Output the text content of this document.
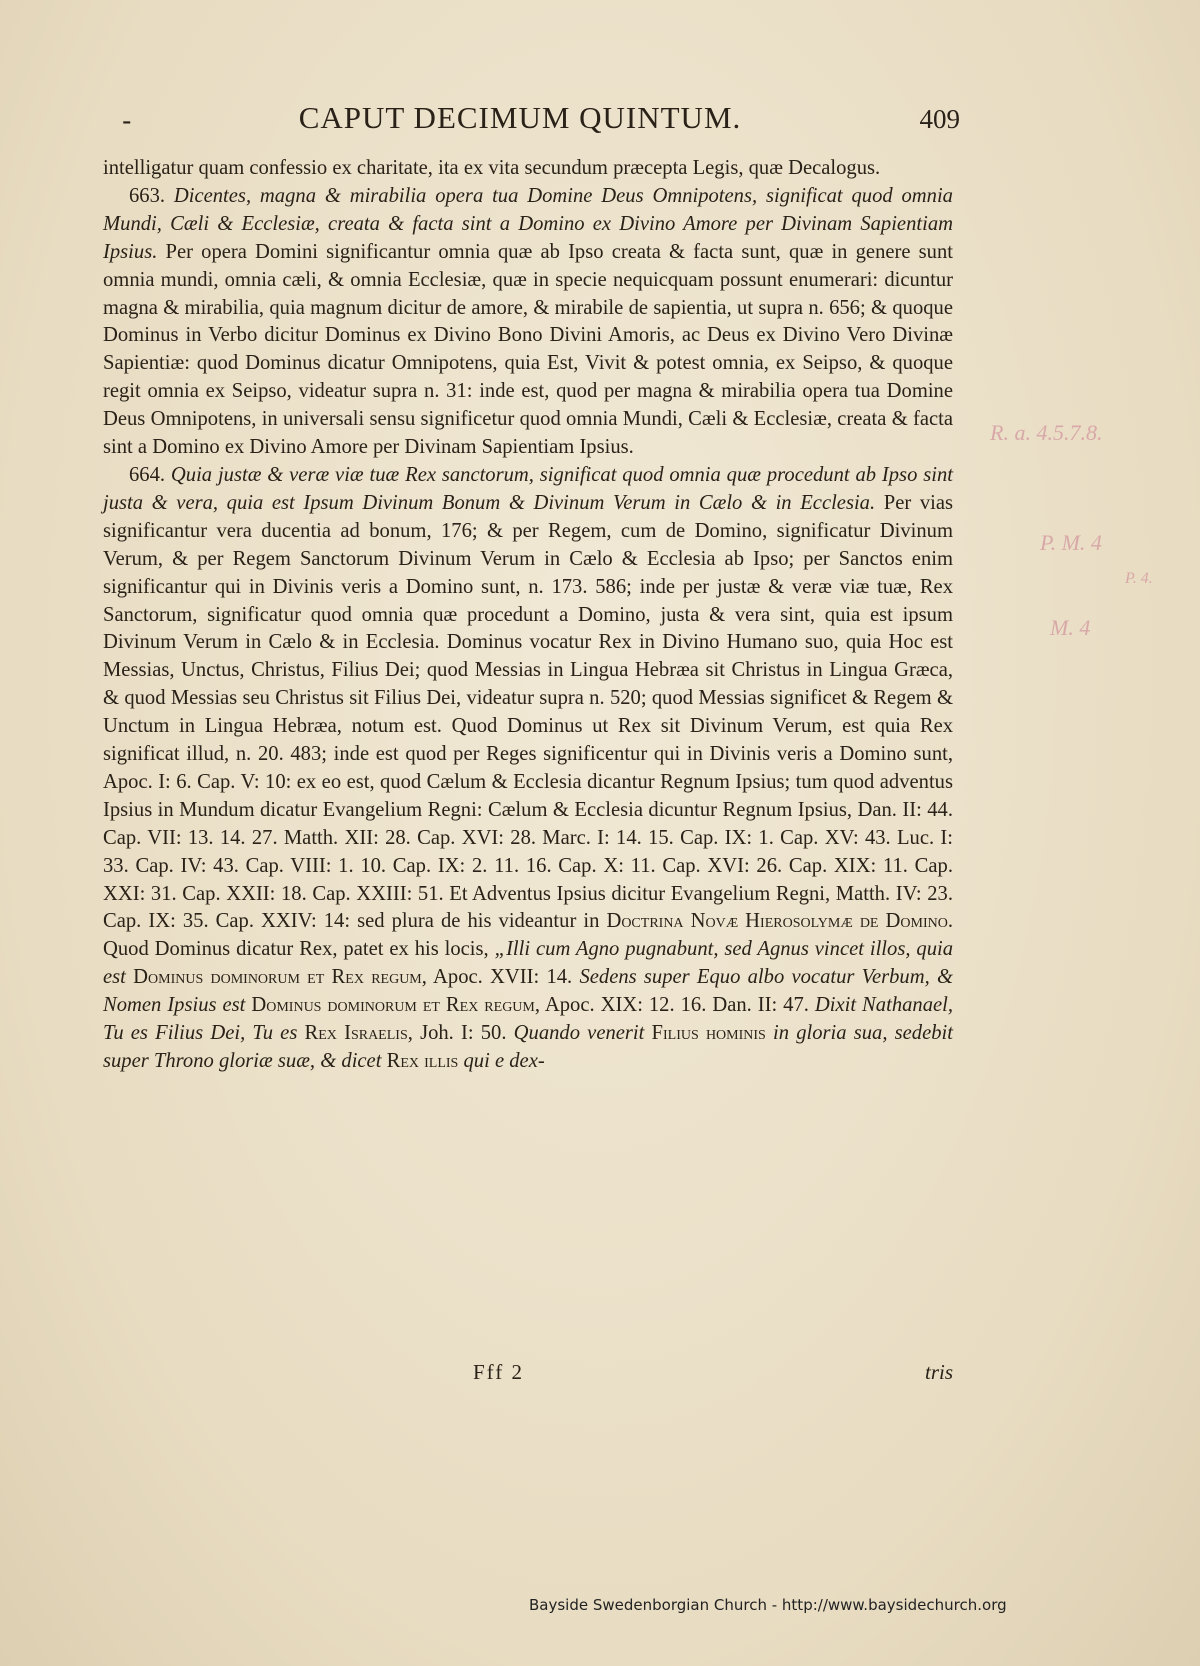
-	CAPUT DECIMUM QUINTUM.	409

intelligatur quam confessio ex charitate, ita ex vita secundum præcepta Legis, quæ Decalogus.

663. Dicentes, magna & mirabilia opera tua Domine Deus Omnipotens, significat quod omnia Mundi, Cæli & Ecclesiæ, creata & facta sint a Domino ex Divino Amore per Divinam Sapientiam Ipsius. Per opera Domini significantur omnia quæ ab Ipso creata & facta sunt, quæ in genere sunt omnia mundi, omnia cæli, & omnia Ecclesiæ, quæ in specie nequicquam possunt enumerari: dicuntur magna & mirabilia, quia magnum dicitur de amore, & mirabile de sapientia, ut supra n. 656; & quoque Dominus in Verbo dicitur Dominus ex Divino Bono Divini Amoris, ac Deus ex Divino Vero Divinæ Sapientiæ: quod Dominus dicatur Omnipotens, quia Est, Vivit & potest omnia, ex Seipso, & quoque regit omnia ex Seipso, videatur supra n. 31: inde est, quod per magna & mirabilia opera tua Domine Deus Omnipotens, in universali sensu significetur quod omnia Mundi, Cæli & Ecclesiæ, creata & facta sint a Domino ex Divino Amore per Divinam Sapientiam Ipsius.

664. Quia justæ & veræ viæ tuæ Rex sanctorum, significat quod omnia quæ procedunt ab Ipso sint justa & vera, quia est Ipsum Divinum Bonum & Divinum Verum in Cælo & in Ecclesia. Per vias significantur vera ducentia ad bonum, 176; & per Regem, cum de Domino, significatur Divinum Verum, & per Regem Sanctorum Divinum Verum in Cælo & Ecclesia ab Ipso; per Sanctos enim significantur qui in Divinis veris a Domino sunt, n. 173. 586; inde per justæ & veræ viæ tuæ, Rex Sanctorum, significatur quod omnia quæ procedunt a Domino, justa & vera sint, quia est ipsum Divinum Verum in Cælo & in Ecclesia. Dominus vocatur Rex in Divino Humano suo, quia Hoc est Messias, Unctus, Christus, Filius Dei; quod Messias in Lingua Hebræa sit Christus in Lingua Græca, & quod Messias seu Christus sit Filius Dei, videatur supra n. 520; quod Messias significet & Regem & Unctum in Lingua Hebræa, notum est. Quod Dominus ut Rex sit Divinum Verum, est quia Rex significat illud, n. 20. 483; inde est quod per Reges significentur qui in Divinis veris a Domino sunt, Apoc. I: 6. Cap. V: 10: ex eo est, quod Cælum & Ecclesia dicantur Regnum Ipsius; tum quod adventus Ipsius in Mundum dicatur Evangelium Regni: Cælum & Ecclesia dicuntur Regnum Ipsius, Dan. II: 44. Cap. VII: 13. 14. 27. Matth. XII: 28. Cap. XVI: 28. Marc. I: 14. 15. Cap. IX: 1. Cap. XV: 43. Luc. I: 33. Cap. IV: 43. Cap. VIII: 1. 10. Cap. IX: 2. 11. 16. Cap. X: 11. Cap. XVI: 26. Cap. XIX: 11. Cap. XXI: 31. Cap. XXII: 18. Cap. XXIII: 51. Et Adventus Ipsius dicitur Evangelium Regni, Matth. IV: 23. Cap. IX: 35. Cap. XXIV: 14: sed plura de his videantur in Doctrina Novæ Hierosolymæ de Domino. Quod Dominus dicatur Rex, patet ex his locis, „Illi cum Agno pugnabunt, sed Agnus vincet illos, quia est Dominus dominorum et Rex regum, Apoc. XVII: 14. Sedens super Equo albo vocatur Verbum, & Nomen Ipsius est Dominus dominorum et Rex regum, Apoc. XIX: 12. 16. Dan. II: 47. Dixit Nathanael, Tu es Filius Dei, Tu es Rex Israelis, Joh. I: 50. Quando venerit Filius hominis in gloria sua, sedebit super Throno gloriæ suæ, & dicet Rex illis qui e dex-

Fff 2	tris
R. a. 4.5.7.8.
P. M. 4
M. 4
P. 4.
Bayside Swedenborgian Church - http://www.baysidechurch.org
